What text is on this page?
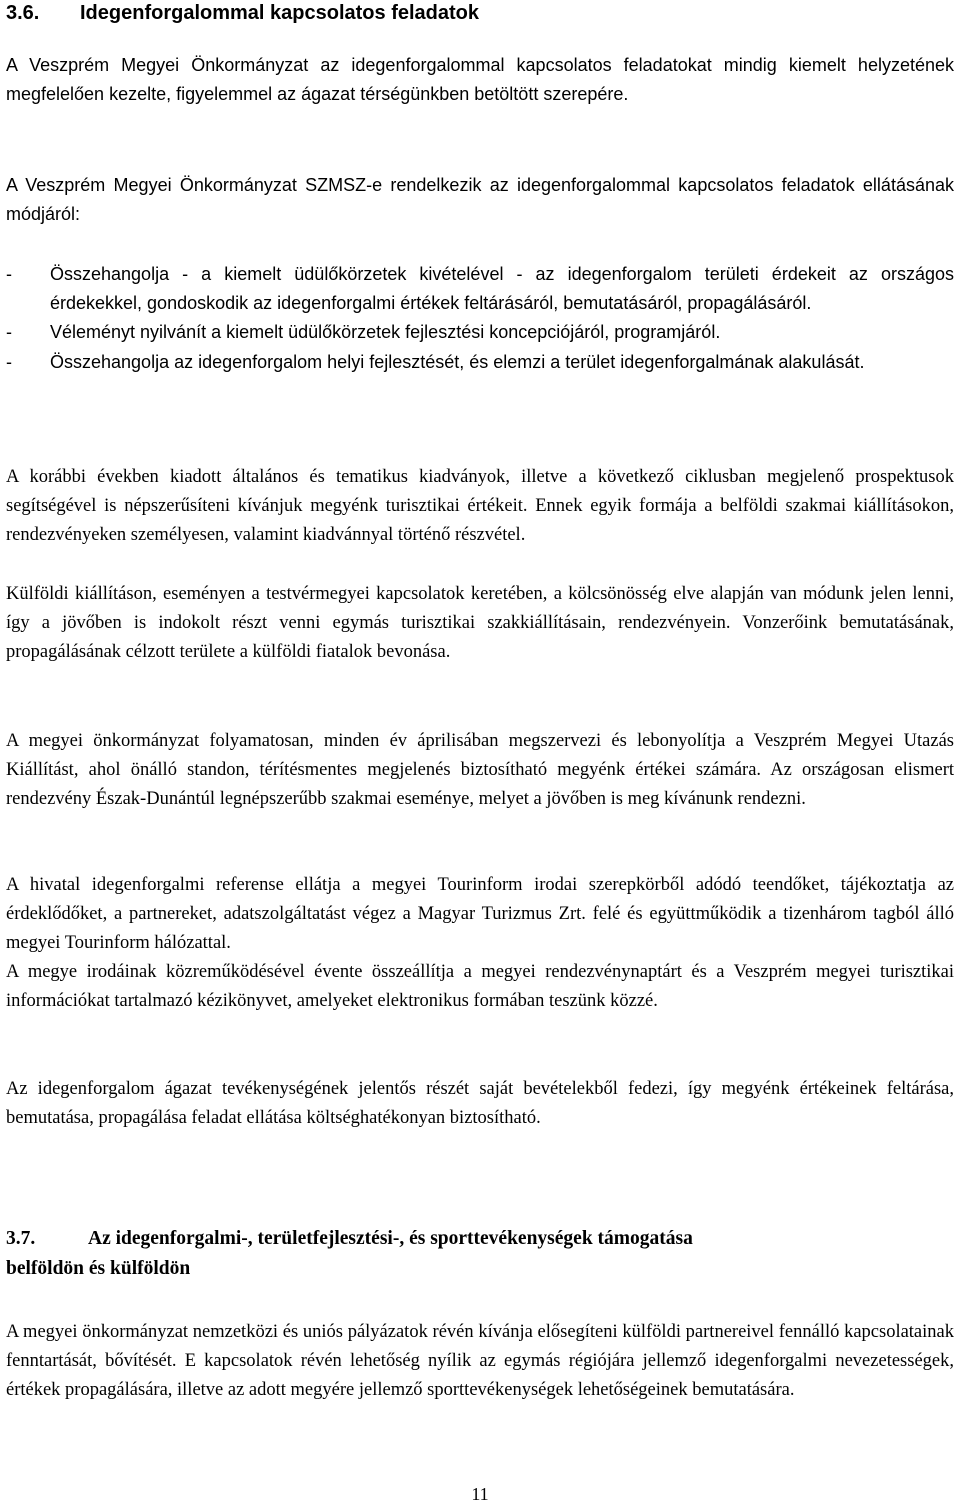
3.6.	Idegenforgalommal kapcsolatos feladatok

A Veszprém Megyei Önkormányzat az idegenforgalommal kapcsolatos feladatokat mindig kiemelt helyzetének megfelelően kezelte, figyelemmel az ágazat térségünkben betöltött szerepére.

A Veszprém Megyei Önkormányzat SZMSZ-e rendelkezik az idegenforgalommal kapcsolatos feladatok ellátásának módjáról:

- Összehangolja - a kiemelt üdülőkörzetek kivételével - az idegenforgalom területi érdekeit az országos érdekekkel, gondoskodik az idegenforgalmi értékek feltárásáról, bemutatásáról, propagálásáról.
- Véleményt nyilvánít a kiemelt üdülőkörzetek fejlesztési koncepciójáról, programjáról.
- Összehangolja az idegenforgalom helyi fejlesztését, és elemzi a terület idegenforgalmának alakulását.

A korábbi években kiadott általános és tematikus kiadványok, illetve a következő ciklusban megjelenő prospektusok segítségével is népszerűsíteni kívánjuk megyénk turisztikai értékeit. Ennek egyik formája a belföldi szakmai kiállításokon, rendezvényeken személyesen, valamint kiadvánnyal történő részvétel.

Külföldi kiállításon, eseményen a testvérmegyei kapcsolatok keretében, a kölcsönösség elve alapján van módunk jelen lenni, így a jövőben is indokolt részt venni egymás turisztikai szakkiállításain, rendezvényein. Vonzerőink bemutatásának, propagálásának célzott területe a külföldi fiatalok bevonása.

A megyei önkormányzat folyamatosan, minden év áprilisában megszervezi és lebonyolítja a Veszprém Megyei Utazás Kiállítást, ahol önálló standon, térítésmentes megjelenés biztosítható megyénk értékei számára. Az országosan elismert rendezvény Észak-Dunántúl legnépszerűbb szakmai eseménye, melyet a jövőben is meg kívánunk rendezni.

A hivatal idegenforgalmi referense ellátja a megyei Tourinform irodai szerepkörből adódó teendőket, tájékoztatja az érdeklődőket, a partnereket, adatszolgáltatást végez a Magyar Turizmus Zrt. felé és együttműködik a tizenhárom tagból álló megyei Tourinform hálózattal.

A megye irodáinak közreműködésével évente összeállítja a megyei rendezvénynaptárt és a Veszprém megyei turisztikai információkat tartalmazó kézikönyvet, amelyeket elektronikus formában teszünk közzé.

Az idegenforgalom ágazat tevékenységének jelentős részét saját bevételekből fedezi, így megyénk értékeinek feltárása, bemutatása, propagálása feladat ellátása költséghatékonyan biztosítható.

3.7.	Az idegenforgalmi-, területfejlesztési-, és sporttevékenységek támogatása
belföldön és külföldön

A megyei önkormányzat nemzetközi és uniós pályázatok révén kívánja elősegíteni külföldi partnereivel fennálló kapcsolatainak fenntartását, bővítését. E kapcsolatok révén lehetőség nyílik az egymás régiójára jellemző idegenforgalmi nevezetességek, értékek propagálására, illetve az adott megyére jellemző sporttevékenységek lehetőségeinek bemutatására.

11
